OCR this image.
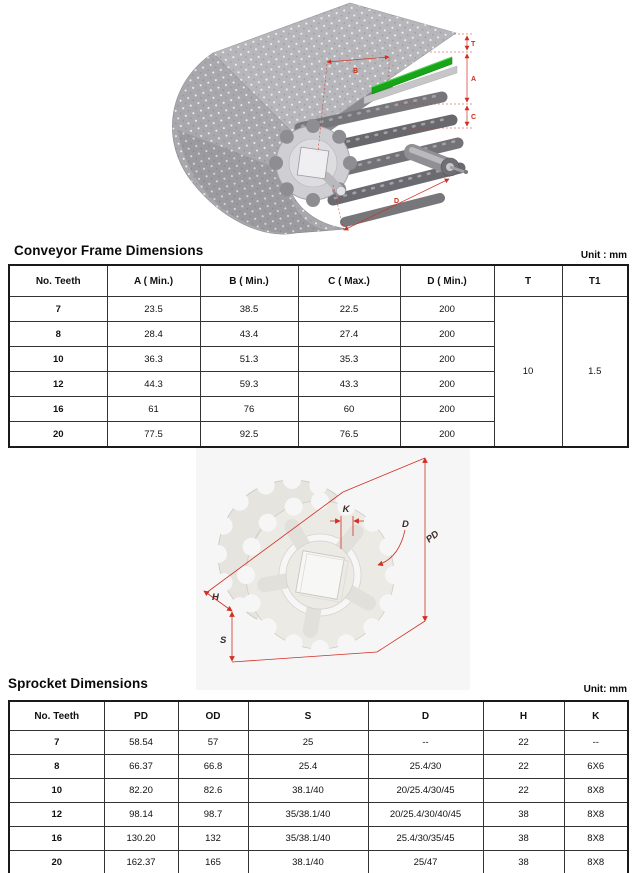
T
A
C
B
D
Conveyor Frame Dimensions	Unit : mm
No. Teeth	A ( Min.)	B ( Min.)	C ( Max.)	D ( Min.)	T	T1
7	23.5	38.5	22.5	200	10	1.5
8	28.4	43.4	27.4	200		
10	36.3	51.3	35.3	200		
12	44.3	59.3	43.3	200		
16	61	76	60	200		
20	77.5	92.5	76.5	200		
K
D
PD
H
S
Sprocket Dimensions	Unit: mm
No. Teeth	PD	OD	S	D	H	K
7	58.54	57	25	--	22	--
8	66.37	66.8	25.4	25.4/30	22	6X6
10	82.20	82.6	38.1/40	20/25.4/30/45	22	8X8
12	98.14	98.7	35/38.1/40	20/25.4/30/40/45	38	8X8
16	130.20	132	35/38.1/40	25.4/30/35/45	38	8X8
20	162.37	165	38.1/40	25/47	38	8X8
